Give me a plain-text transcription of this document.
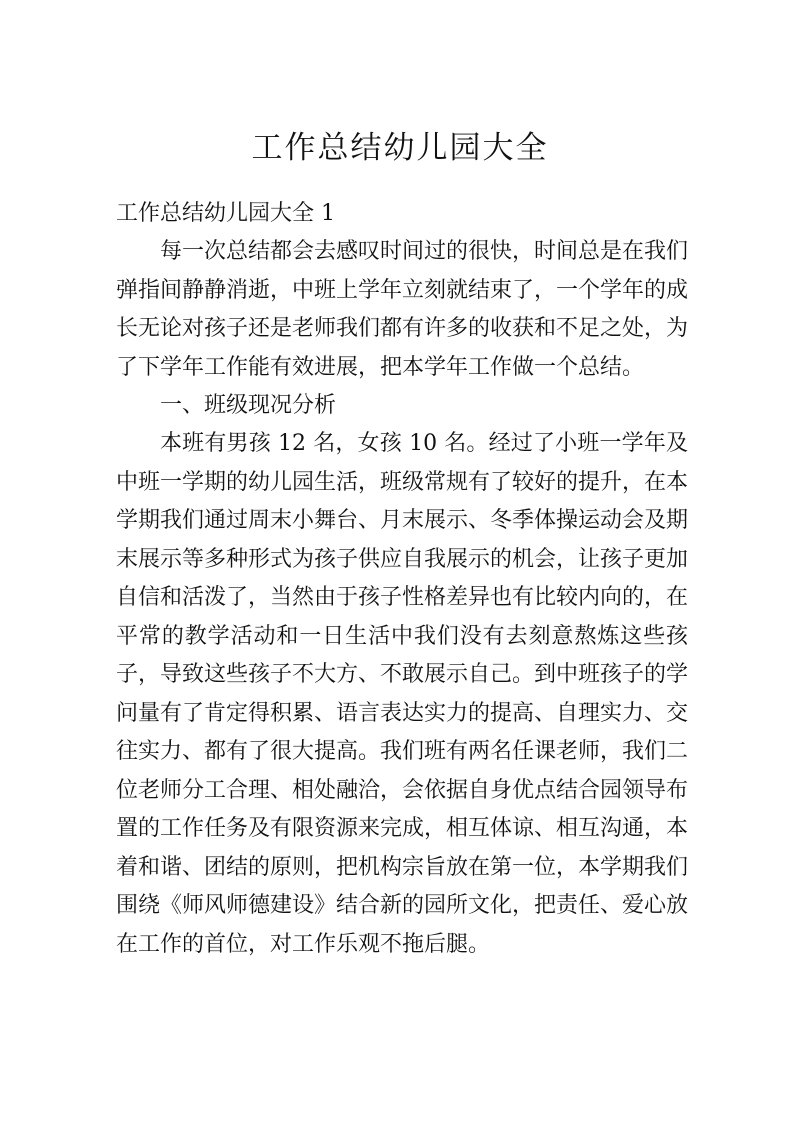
工作总结幼儿园大全

工作总结幼儿园大全 1

每一次总结都会去感叹时间过的很快，时间总是在我们弹指间静静消逝，中班上学年立刻就结束了，一个学年的成长无论对孩子还是老师我们都有许多的收获和不足之处，为了下学年工作能有效进展，把本学年工作做一个总结。

一、班级现况分析

本班有男孩 12 名，女孩 10 名。经过了小班一学年及中班一学期的幼儿园生活，班级常规有了较好的提升，在本学期我们通过周末小舞台、月末展示、冬季体操运动会及期末展示等多种形式为孩子供应自我展示的机会，让孩子更加自信和活泼了，当然由于孩子性格差异也有比较内向的，在平常的教学活动和一日生活中我们没有去刻意熬炼这些孩子，导致这些孩子不大方、不敢展示自己。到中班孩子的学问量有了肯定得积累、语言表达实力的提高、自理实力、交往实力、都有了很大提高。我们班有两名任课老师，我们二位老师分工合理、相处融洽，会依据自身优点结合园领导布置的工作任务及有限资源来完成，相互体谅、相互沟通，本着和谐、团结的原则，把机构宗旨放在第一位，本学期我们围绕《师风师德建设》结合新的园所文化，把责任、爱心放在工作的首位，对工作乐观不拖后腿。
